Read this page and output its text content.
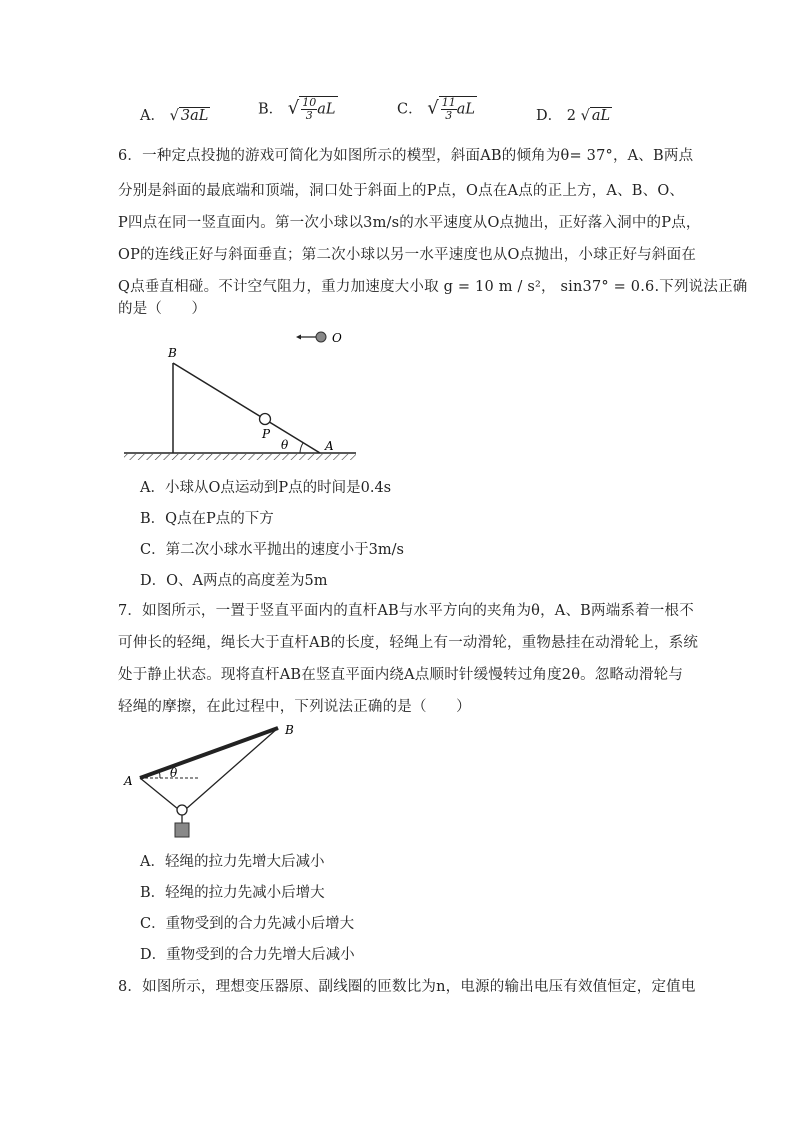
A． √ 3aL	B． √ $\frac{10}{3}$ aL	C． √ $\frac{11}{3}$ aL	D． 2 √ aL
6．一种定点投抛的游戏可简化为如图所示的模型，斜面AB的倾角为θ= 37°，A、B两点
分别是斜面的最底端和顶端，洞口处于斜面上的P点，O点在A点的正上方，A、B、O、
P四点在同一竖直面内。第一次小球以3m/s的水平速度从O点抛出，正好落入洞中的P点，
OP的连线正好与斜面垂直；第二次小球以另一水平速度也从O点抛出，小球正好与斜面在
Q点垂直相碰。不计空气阻力，重力加速度大小取 g = 10 m / s²， sin37° = 0.6.下列说法正确
的是（　　）
B
O
P
θ	A
A．小球从O点运动到P点的时间是0.4s
B．Q点在P点的下方
C．第二次小球水平抛出的速度小于3m/s
D．O、A两点的高度差为5m
7．如图所示，一置于竖直平面内的直杆AB与水平方向的夹角为θ，A、B两端系着一根不
可伸长的轻绳，绳长大于直杆AB的长度，轻绳上有一动滑轮，重物悬挂在动滑轮上，系统
处于静止状态。现将直杆AB在竖直平面内绕A点顺时针缓慢转过角度2θ。忽略动滑轮与
轻绳的摩擦，在此过程中，下列说法正确的是（　　）
A
θ
B
A．轻绳的拉力先增大后减小
B．轻绳的拉力先减小后增大
C．重物受到的合力先减小后增大
D．重物受到的合力先增大后减小
8．如图所示，理想变压器原、副线圈的匝数比为n，电源的输出电压有效值恒定，定值电
